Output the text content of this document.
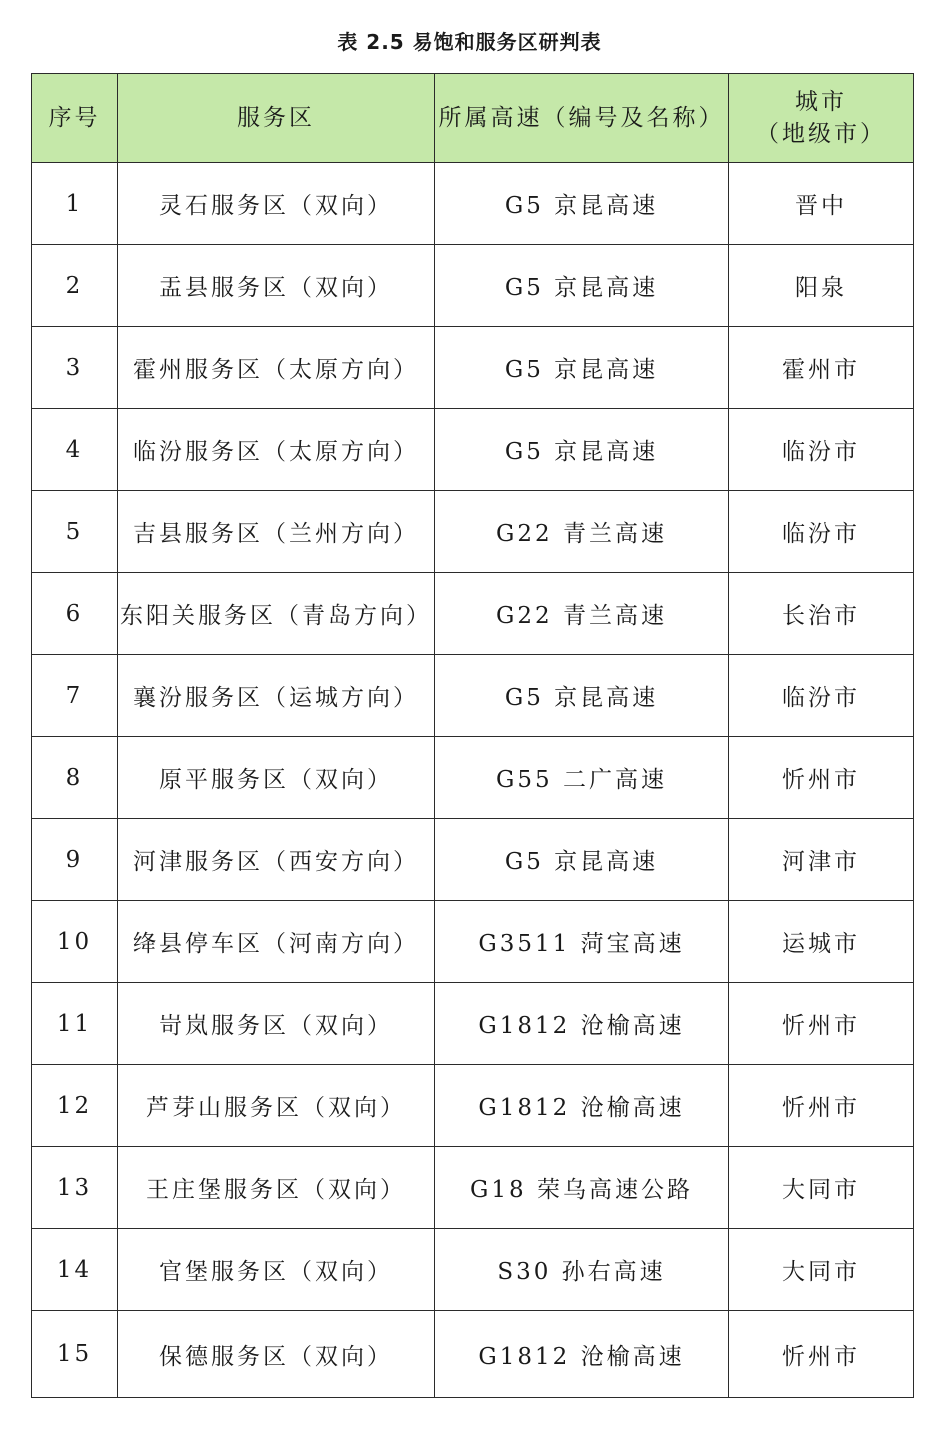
表 2.5 易饱和服务区研判表
序号	服务区	所属高速（编号及名称）	城市
（地级市）

1	灵石服务区（双向）	G5 京昆高速	晋中
2	盂县服务区（双向）	G5 京昆高速	阳泉
3	霍州服务区（太原方向）	G5 京昆高速	霍州市
4	临汾服务区（太原方向）	G5 京昆高速	临汾市
5	吉县服务区（兰州方向）	G22 青兰高速	临汾市
6	东阳关服务区（青岛方向）	G22 青兰高速	长治市
7	襄汾服务区（运城方向）	G5 京昆高速	临汾市
8	原平服务区（双向）	G55 二广高速	忻州市
9	河津服务区（西安方向）	G5 京昆高速	河津市
10	绛县停车区（河南方向）	G3511 菏宝高速	运城市
11	岢岚服务区（双向）	G1812 沧榆高速	忻州市
12	芦芽山服务区（双向）	G1812 沧榆高速	忻州市
13	王庄堡服务区（双向）	G18 荣乌高速公路	大同市
14	官堡服务区（双向）	S30 孙右高速	大同市
15	保德服务区（双向）	G1812 沧榆高速	忻州市
